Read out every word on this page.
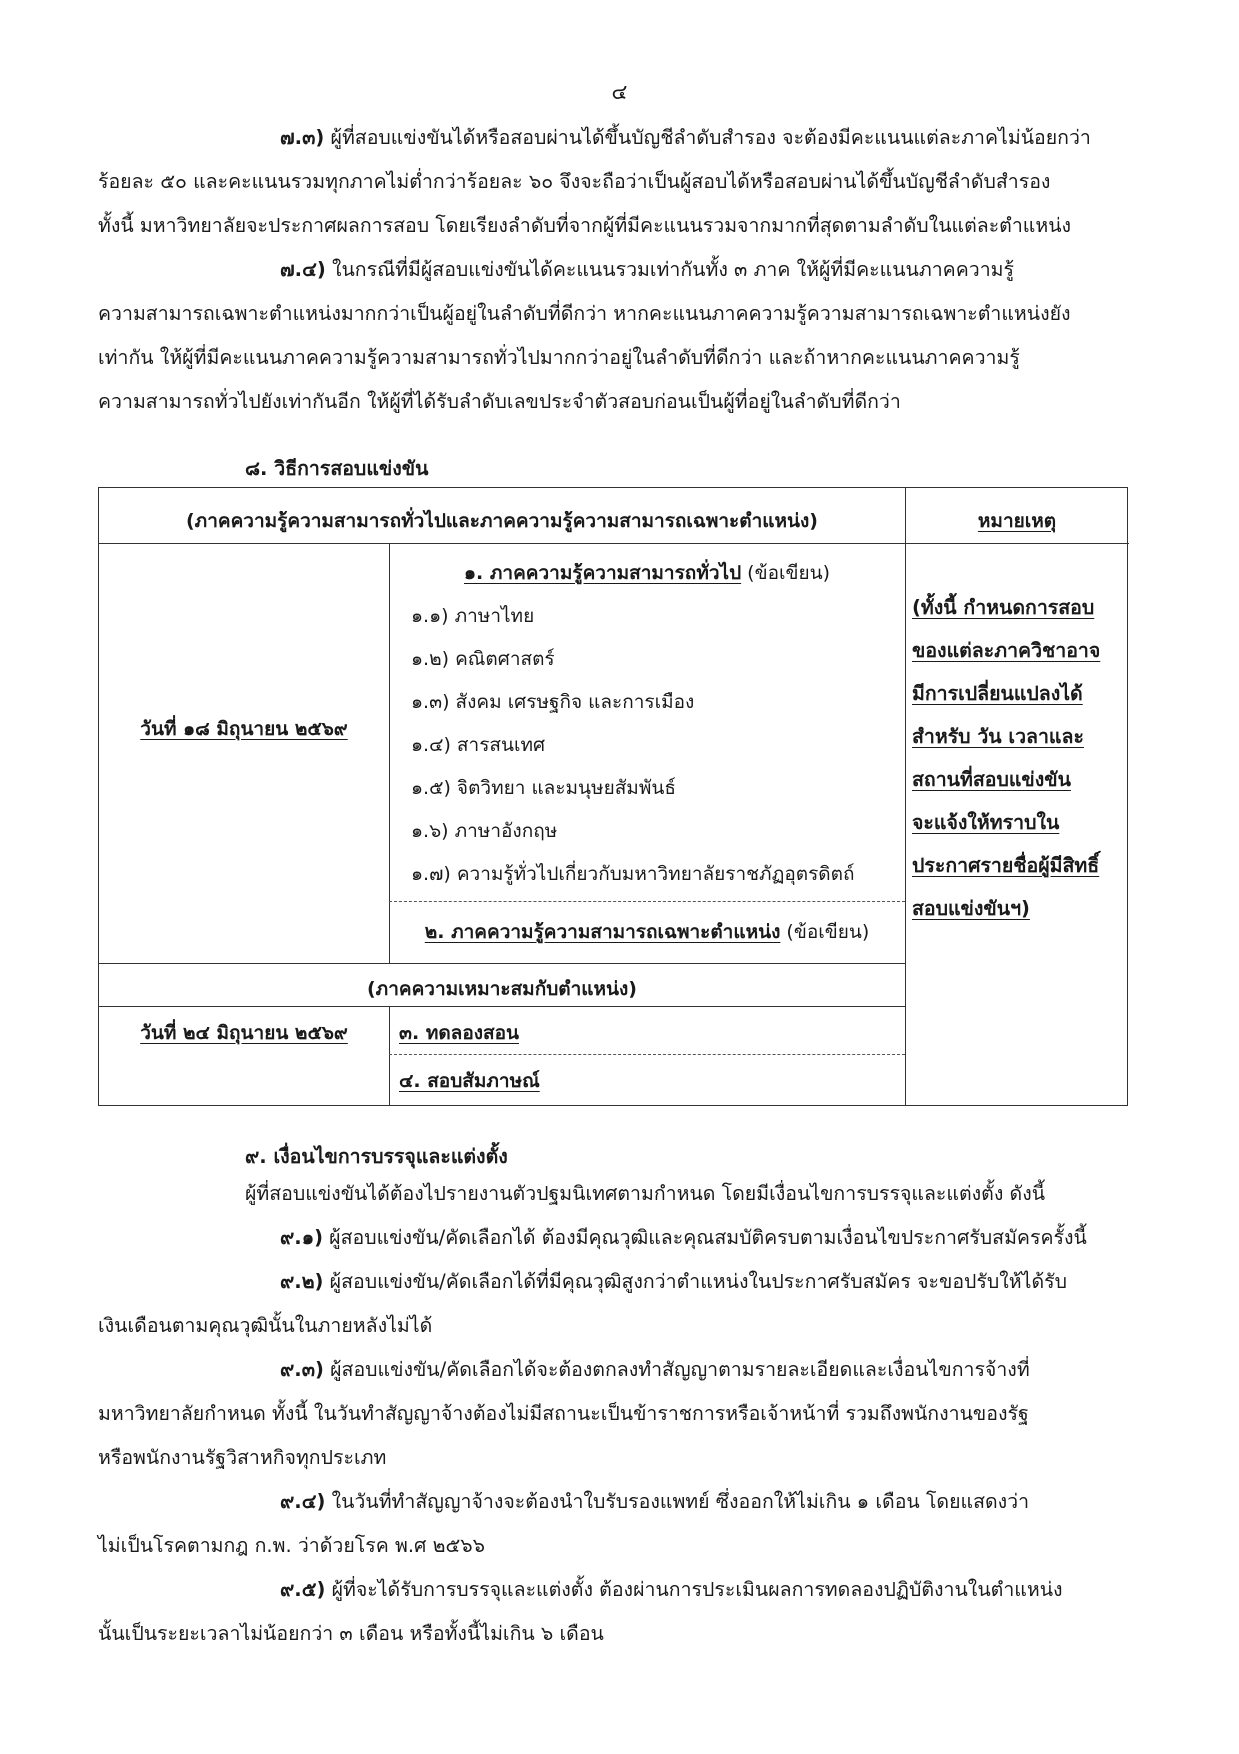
๔
๗.๓) ผู้ที่สอบแข่งขันได้หรือสอบผ่านได้ขึ้นบัญชีลำดับสำรอง จะต้องมีคะแนนแต่ละภาคไม่น้อยกว่า
ร้อยละ ๕๐ และคะแนนรวมทุกภาคไม่ต่ำกว่าร้อยละ ๖๐ จึงจะถือว่าเป็นผู้สอบได้หรือสอบผ่านได้ขึ้นบัญชีลำดับสำรอง
ทั้งนี้ มหาวิทยาลัยจะประกาศผลการสอบ โดยเรียงลำดับที่จากผู้ที่มีคะแนนรวมจากมากที่สุดตามลำดับในแต่ละตำแหน่ง
๗.๔) ในกรณีที่มีผู้สอบแข่งขันได้คะแนนรวมเท่ากันทั้ง ๓ ภาค ให้ผู้ที่มีคะแนนภาคความรู้
ความสามารถเฉพาะตำแหน่งมากกว่าเป็นผู้อยู่ในลำดับที่ดีกว่า หากคะแนนภาคความรู้ความสามารถเฉพาะตำแหน่งยัง
เท่ากัน ให้ผู้ที่มีคะแนนภาคความรู้ความสามารถทั่วไปมากกว่าอยู่ในลำดับที่ดีกว่า และถ้าหากคะแนนภาคความรู้
ความสามารถทั่วไปยังเท่ากันอีก ให้ผู้ที่ได้รับลำดับเลขประจำตัวสอบก่อนเป็นผู้ที่อยู่ในลำดับที่ดีกว่า
๘. วิธีการสอบแข่งขัน
(ภาคความรู้ความสามารถทั่วไปและภาคความรู้ความสามารถเฉพาะตำแหน่ง)	หมายเหตุ
วันที่ ๑๘ มิถุนายน ๒๕๖๙
๑. ภาคความรู้ความสามารถทั่วไป (ข้อเขียน)
๑.๑) ภาษาไทย
๑.๒) คณิตศาสตร์
๑.๓) สังคม เศรษฐกิจ และการเมือง
๑.๔) สารสนเทศ
๑.๕) จิตวิทยา และมนุษยสัมพันธ์
๑.๖) ภาษาอังกฤษ
๑.๗) ความรู้ทั่วไปเกี่ยวกับมหาวิทยาลัยราชภัฏอุตรดิตถ์
๒. ภาคความรู้ความสามารถเฉพาะตำแหน่ง (ข้อเขียน)
(ภาคความเหมาะสมกับตำแหน่ง)
วันที่ ๒๔ มิถุนายน ๒๕๖๙	๓. ทดลองสอน
๔. สอบสัมภาษณ์
(ทั้งนี้ กำหนดการสอบ
ของแต่ละภาควิชาอาจ
มีการเปลี่ยนแปลงได้
สำหรับ วัน เวลาและ
สถานที่สอบแข่งขัน
จะแจ้งให้ทราบใน
ประกาศรายชื่อผู้มีสิทธิ์
สอบแข่งขันฯ)
๙. เงื่อนไขการบรรจุและแต่งตั้ง
ผู้ที่สอบแข่งขันได้ต้องไปรายงานตัวปฐมนิเทศตามกำหนด โดยมีเงื่อนไขการบรรจุและแต่งตั้ง ดังนี้
๙.๑) ผู้สอบแข่งขัน/คัดเลือกได้ ต้องมีคุณวุฒิและคุณสมบัติครบตามเงื่อนไขประกาศรับสมัครครั้งนี้
๙.๒) ผู้สอบแข่งขัน/คัดเลือกได้ที่มีคุณวุฒิสูงกว่าตำแหน่งในประกาศรับสมัคร จะขอปรับให้ได้รับ
เงินเดือนตามคุณวุฒินั้นในภายหลังไม่ได้
๙.๓) ผู้สอบแข่งขัน/คัดเลือกได้จะต้องตกลงทำสัญญาตามรายละเอียดและเงื่อนไขการจ้างที่
มหาวิทยาลัยกำหนด ทั้งนี้ ในวันทำสัญญาจ้างต้องไม่มีสถานะเป็นข้าราชการหรือเจ้าหน้าที่ รวมถึงพนักงานของรัฐ
หรือพนักงานรัฐวิสาหกิจทุกประเภท
๙.๔) ในวันที่ทำสัญญาจ้างจะต้องนำใบรับรองแพทย์ ซึ่งออกให้ไม่เกิน ๑ เดือน โดยแสดงว่า
ไม่เป็นโรคตามกฎ ก.พ. ว่าด้วยโรค พ.ศ ๒๕๖๖
๙.๕) ผู้ที่จะได้รับการบรรจุและแต่งตั้ง ต้องผ่านการประเมินผลการทดลองปฏิบัติงานในตำแหน่ง
นั้นเป็นระยะเวลาไม่น้อยกว่า ๓ เดือน หรือทั้งนี้ไม่เกิน ๖ เดือน
